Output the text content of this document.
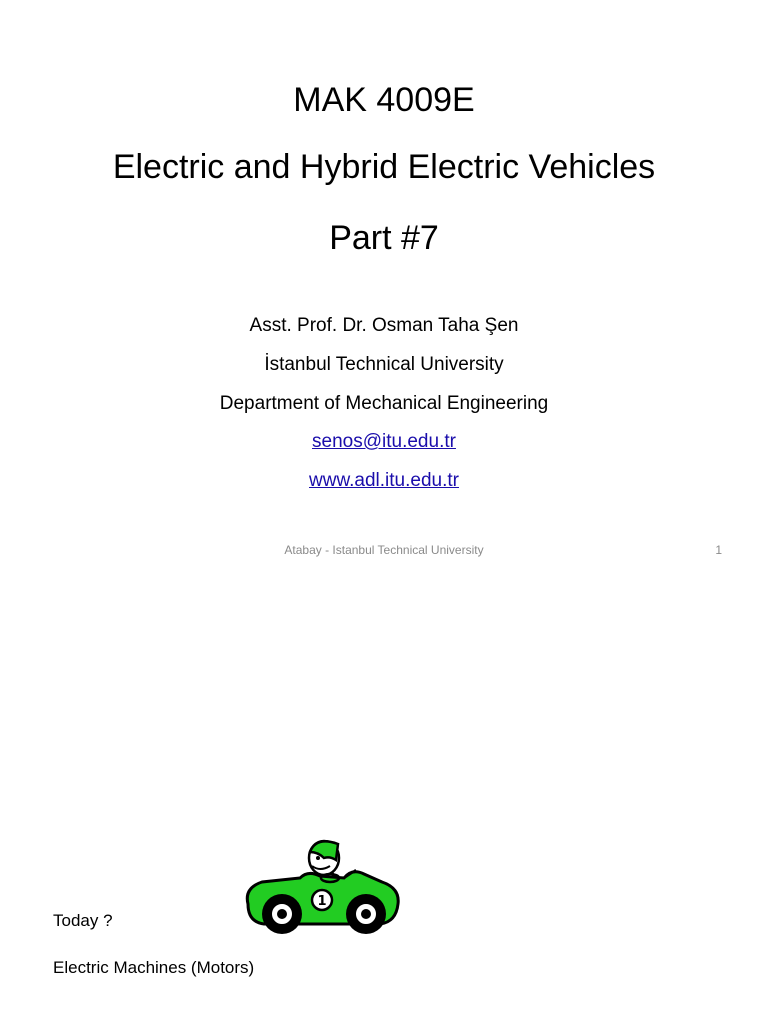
MAK 4009E
Electric and Hybrid Electric Vehicles
Part #7
Asst. Prof. Dr. Osman Taha Şen
İstanbul Technical University
Department of Mechanical Engineering
senos@itu.edu.tr
www.adl.itu.edu.tr
Atabay - Istanbul Technical University	1
1
Today ?
Electric Machines (Motors)
